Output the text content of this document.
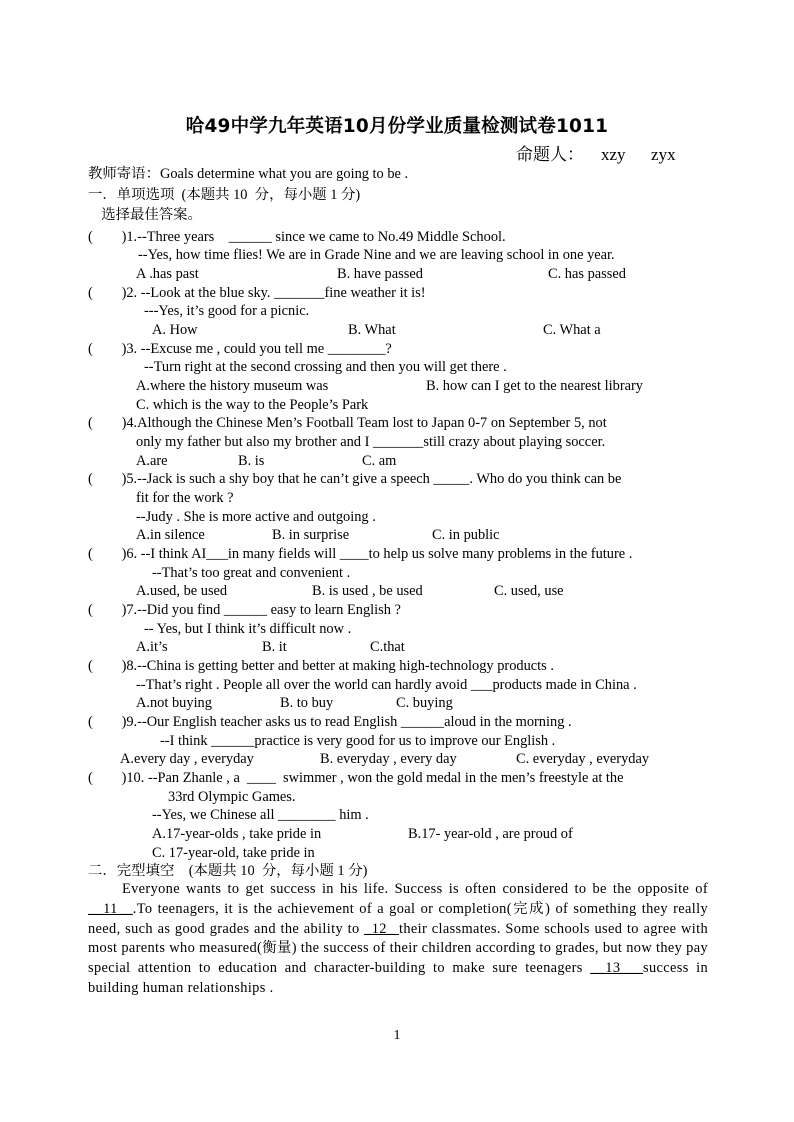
哈49中学九年英语10月份学业质量检测试卷1011
命题人：    xzy      zyx
教师寄语：Goals determine what you are going to be .
一．单项选项  (本题共 10  分，每小题 1 分)
选择最佳答案。
(        )1.--Three years    ______ since we came to No.49 Middle School.
--Yes, how time flies! We are in Grade Nine and we are leaving school in one year.
A .has past	B. have passed	C. has passed
(        )2. --Look at the blue sky. _______fine weather it is!
---Yes, it’s good for a picnic.
A. How	B. What	C. What a
(        )3. --Excuse me , could you tell me ________?
--Turn right at the second crossing and then you will get there .
A.where the history museum was	B. how can I get to the nearest library
C. which is the way to the People’s Park
(        )4.Although the Chinese Men’s Football Team lost to Japan 0-7 on September 5, not
only my father but also my brother and I _______still crazy about playing soccer.
A.are	B. is	C. am
(        )5.--Jack is such a shy boy that he can’t give a speech _____. Who do you think can be
fit for the work ?
--Judy . She is more active and outgoing .
A.in silence	B. in surprise	C. in public
(        )6. --I think AI___in many fields will ____to help us solve many problems in the future .
--That’s too great and convenient .
A.used, be used	B. is used , be used	C. used, use
(        )7.--Did you find ______ easy to learn English ?
-- Yes, but I think it’s difficult now .
A.it’s	B. it	C.that
(        )8.--China is getting better and better at making high-technology products .
--That’s right . People all over the world can hardly avoid ___products made in China .
A.not buying	B. to buy	C. buying
(        )9.--Our English teacher asks us to read English ______aloud in the morning .
--I think ______practice is very good for us to improve our English .
A.every day , everyday	B. everyday , every day	C. everyday , everyday
(        )10. --Pan Zhanle , a  ____  swimmer , won the gold medal in the men’s freestyle at the
33rd Olympic Games.
--Yes, we Chinese all ________ him .
A.17-year-olds , take pride in	B.17- year-old , are proud of
C. 17-year-old, take pride in
二．完型填空    (本题共 10  分，每小题 1 分)

Everyone wants to get success in his life. Success is often considered to be the opposite of __11__.To teenagers, it is the achievement of a goal or completion(完成) of something they really need, such as good grades and the ability to _12_ their classmates. Some schools used to agree with most parents who measured(衡量) the success of their children according to grades, but now they pay special attention to education and character-building to make sure teenagers __13___success in building human relationships .

1
